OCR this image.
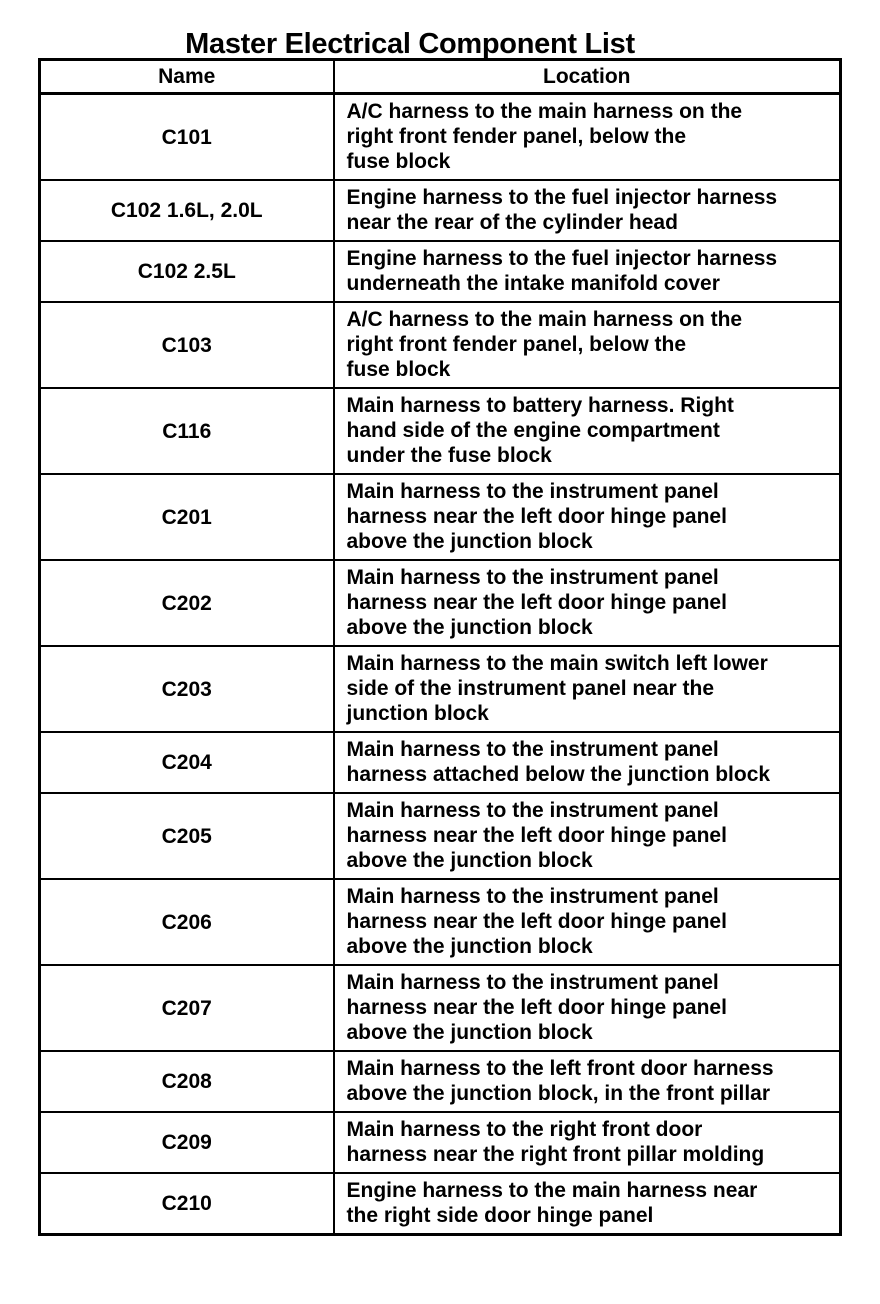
Master Electrical Component List
Name	Location
C101	A/C harness to the main harness on the
right front fender panel, below the
fuse block

C102 1.6L, 2.0L	Engine harness to the fuel injector harness
near the rear of the cylinder head

C102 2.5L	Engine harness to the fuel injector harness
underneath the intake manifold cover

C103	A/C harness to the main harness on the
right front fender panel, below the
fuse block

C116	Main harness to battery harness. Right
hand side of the engine compartment
under the fuse block

C201	Main harness to the instrument panel
harness near the left door hinge panel
above the junction block

C202	Main harness to the instrument panel
harness near the left door hinge panel
above the junction block

C203	Main harness to the main switch left lower
side of the instrument panel near the
junction block

C204	Main harness to the instrument panel
harness attached below the junction block

C205	Main harness to the instrument panel
harness near the left door hinge panel
above the junction block

C206	Main harness to the instrument panel
harness near the left door hinge panel
above the junction block

C207	Main harness to the instrument panel
harness near the left door hinge panel
above the junction block

C208	Main harness to the left front door harness
above the junction block, in the front pillar

C209	Main harness to the right front door
harness near the right front pillar molding

C210	Engine harness to the main harness near
the right side door hinge panel
